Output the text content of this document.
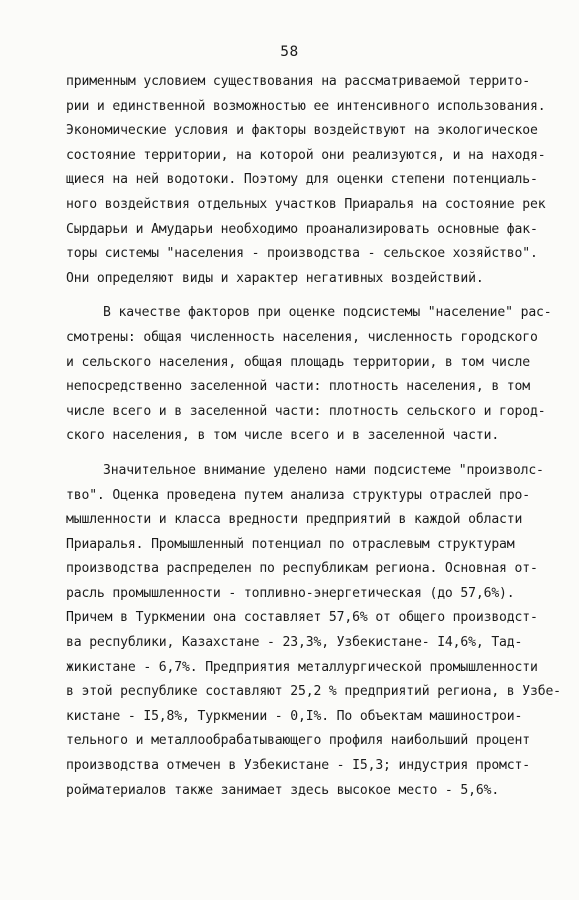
58
применным условием существования на рассматриваемой террито-
рии и единственной возможностью ее интенсивного использования.
Экономические условия и факторы воздействуют на экологическое
состояние территории, на которой они реализуются, и на находя-
щиеся на ней водотоки. Поэтому для оценки степени потенциаль-
ного воздействия отдельных участков Приаралья на состояние рек
Сырдарьи и Амударьи необходимо проанализировать основные фак-
торы системы "населения - производства - сельское хозяйство".
Они определяют виды и характер негативных воздействий.
В качестве факторов при оценке подсистемы "население" рас-
смотрены: общая численность населения, численность городского
и сельского населения, общая площадь территории, в том числе
непосредственно заселенной части: плотность населения, в том
числе всего и в заселенной части: плотность сельского и город-
ского населения, в том числе всего и в заселенной части.
Значительное внимание уделено нами подсистеме "произволс-
тво". Оценка проведена путем анализа структуры отраслей про-
мышленности и класса вредности предприятий в каждой области
Приаралья. Промышленный потенциал по отраслевым структурам
производства распределен по республикам региона. Основная от-
расль промышленности - топливно-энергетическая (до 57,6%).
Причем в Туркмении она составляет 57,6% от общего производст-
ва республики, Казахстане - 23,3%, Узбекистане- I4,6%, Тад-
жикистане - 6,7%. Предприятия металлургической промышленности
в этой республике составляют 25,2 % предприятий региона, в Узбе-
кистане - I5,8%, Туркмении - 0,I%. По объектам машинострои-
тельного и металлообрабатывающего профиля наибольший процент
производства отмечен в Узбекистане - I5,3; индустрия промст-
ройматериалов также занимает здесь высокое место - 5,6%.
